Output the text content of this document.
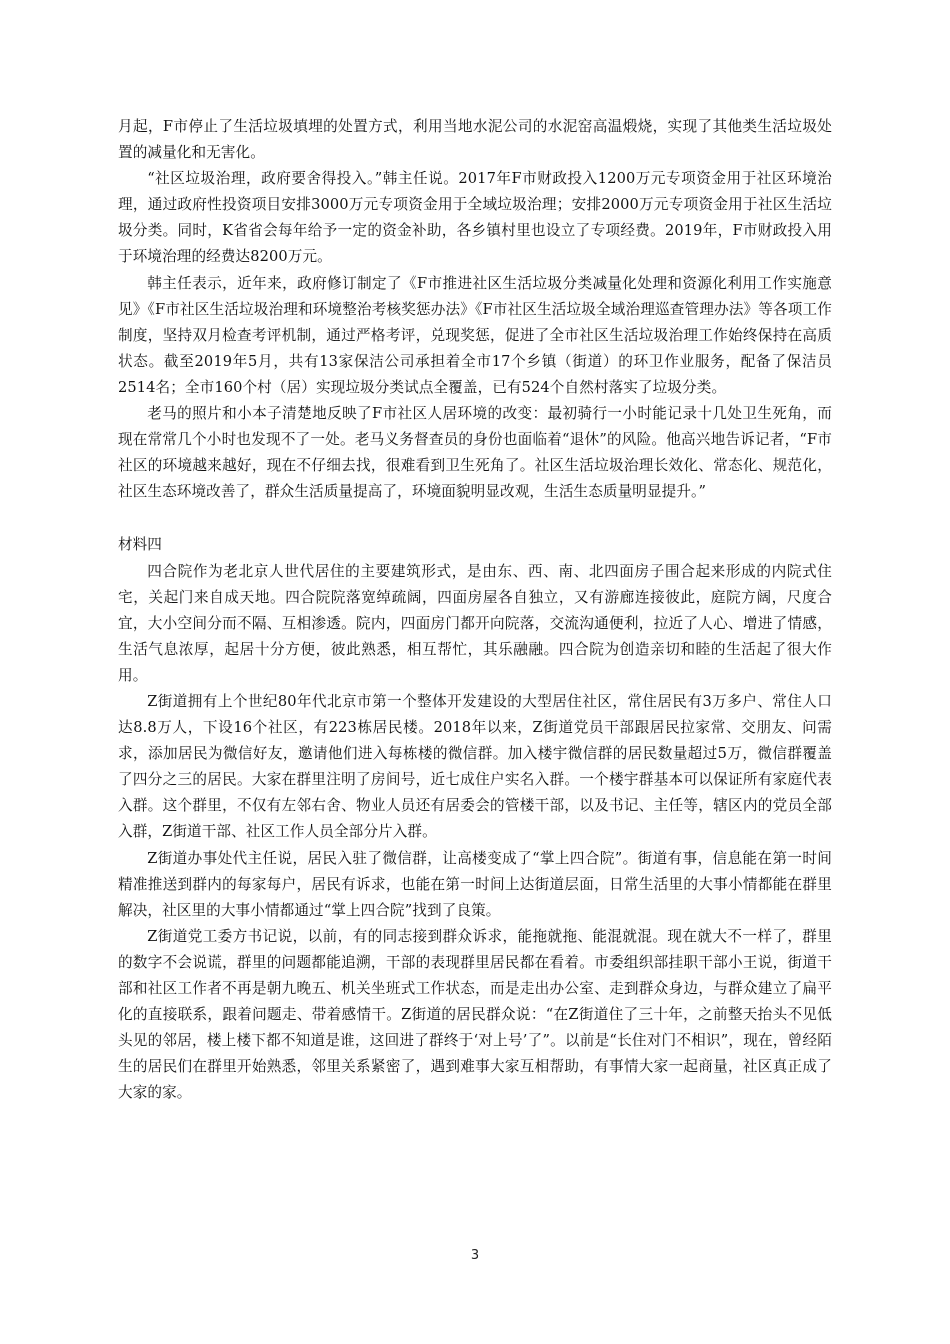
月起，F市停止了生活垃圾填埋的处置方式，利用当地水泥公司的水泥窑高温煅烧，实现了其他类生活垃圾处置的减量化和无害化。

“社区垃圾治理，政府要舍得投入。”韩主任说。2017年F市财政投入1200万元专项资金用于社区环境治理，通过政府性投资项目安排3000万元专项资金用于全域垃圾治理；安排2000万元专项资金用于社区生活垃圾分类。同时，K省省会每年给予一定的资金补助，各乡镇村里也设立了专项经费。2019年，F市财政投入用于环境治理的经费达8200万元。

韩主任表示，近年来，政府修订制定了《F市推进社区生活垃圾分类减量化处理和资源化利用工作实施意见》《F市社区生活垃圾治理和环境整治考核奖惩办法》《F市社区生活垃圾全域治理巡查管理办法》等各项工作制度，坚持双月检查考评机制，通过严格考评，兑现奖惩，促进了全市社区生活垃圾治理工作始终保持在高质状态。截至2019年5月，共有13家保洁公司承担着全市17个乡镇（街道）的环卫作业服务，配备了保洁员2514名；全市160个村（居）实现垃圾分类试点全覆盖，已有524个自然村落实了垃圾分类。

老马的照片和小本子清楚地反映了F市社区人居环境的改变：最初骑行一小时能记录十几处卫生死角，而现在常常几个小时也发现不了一处。老马义务督查员的身份也面临着“退休”的风险。他高兴地告诉记者，“F市社区的环境越来越好，现在不仔细去找，很难看到卫生死角了。社区生活垃圾治理长效化、常态化、规范化，社区生态环境改善了，群众生活质量提高了，环境面貌明显改观，生活生态质量明显提升。”

材料四

四合院作为老北京人世代居住的主要建筑形式，是由东、西、南、北四面房子围合起来形成的内院式住宅，关起门来自成天地。四合院院落宽绰疏阔，四面房屋各自独立，又有游廊连接彼此，庭院方阔，尺度合宜，大小空间分而不隔、互相渗透。院内，四面房门都开向院落，交流沟通便利，拉近了人心、增进了情感，生活气息浓厚，起居十分方便，彼此熟悉，相互帮忙，其乐融融。四合院为创造亲切和睦的生活起了很大作用。

Z街道拥有上个世纪80年代北京市第一个整体开发建设的大型居住社区，常住居民有3万多户、常住人口达8.8万人，下设16个社区，有223栋居民楼。2018年以来，Z街道党员干部跟居民拉家常、交朋友、问需求，添加居民为微信好友，邀请他们进入每栋楼的微信群。加入楼宇微信群的居民数量超过5万，微信群覆盖了四分之三的居民。大家在群里注明了房间号，近七成住户实名入群。一个楼宇群基本可以保证所有家庭代表入群。这个群里，不仅有左邻右舍、物业人员还有居委会的管楼干部，以及书记、主任等，辖区内的党员全部入群，Z街道干部、社区工作人员全部分片入群。

Z街道办事处代主任说，居民入驻了微信群，让高楼变成了“掌上四合院”。街道有事，信息能在第一时间精准推送到群内的每家每户，居民有诉求，也能在第一时间上达街道层面，日常生活里的大事小情都能在群里解决，社区里的大事小情都通过“掌上四合院”找到了良策。

Z街道党工委方书记说，以前，有的同志接到群众诉求，能拖就拖、能混就混。现在就大不一样了，群里的数字不会说谎，群里的问题都能追溯，干部的表现群里居民都在看着。市委组织部挂职干部小王说，街道干部和社区工作者不再是朝九晚五、机关坐班式工作状态，而是走出办公室、走到群众身边，与群众建立了扁平化的直接联系，跟着问题走、带着感情干。Z街道的居民群众说：“在Z街道住了三十年，之前整天抬头不见低头见的邻居，楼上楼下都不知道是谁，这回进了群终于‘对上号’了”。以前是“长住对门不相识”，现在，曾经陌生的居民们在群里开始熟悉，邻里关系紧密了，遇到难事大家互相帮助，有事情大家一起商量，社区真正成了大家的家。

3
